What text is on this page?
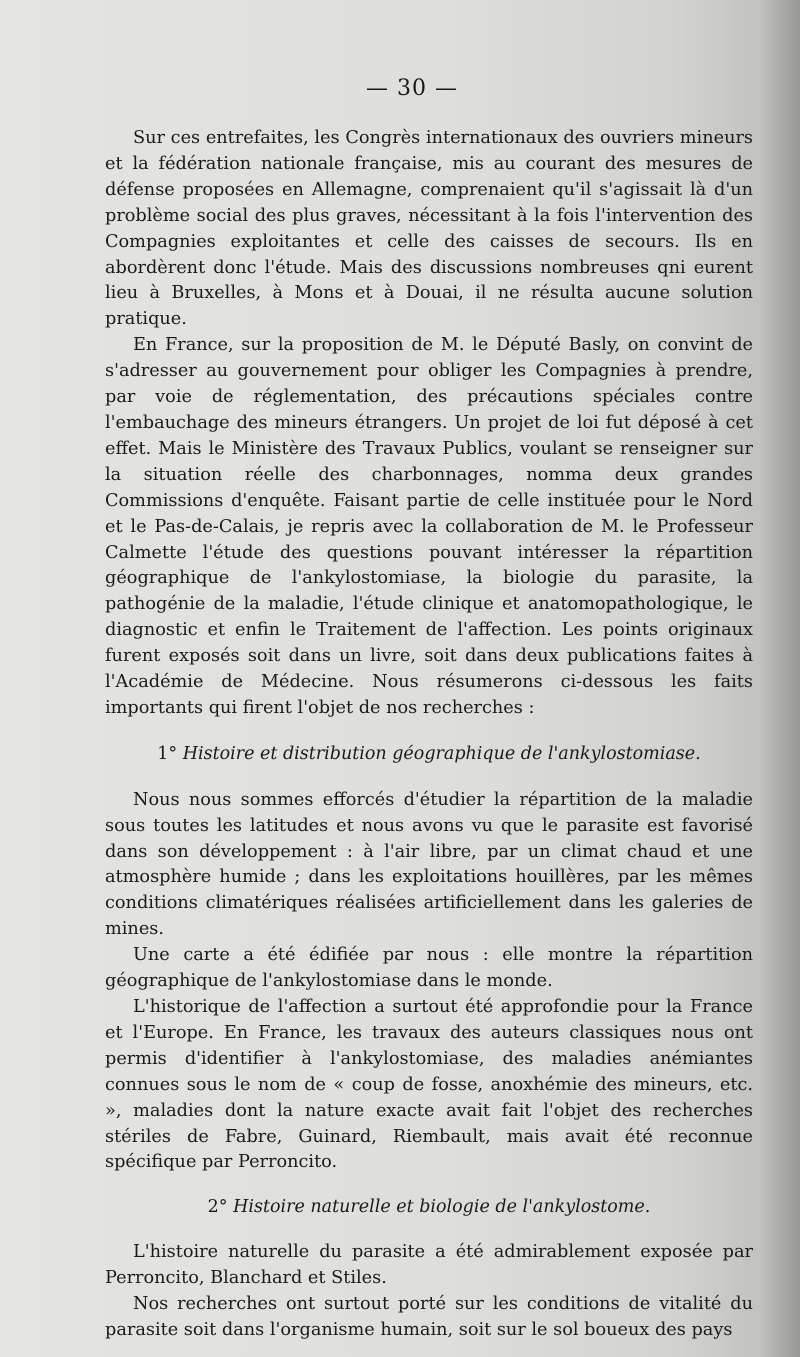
— 30 —

Sur ces entrefaites, les Congrès internationaux des ouvriers mineurs et la fédération nationale française, mis au courant des mesures de défense proposées en Allemagne, comprenaient qu'il s'agissait là d'un problème social des plus graves, nécessitant à la fois l'intervention des Compagnies exploitantes et celle des caisses de secours. Ils en abordèrent donc l'étude. Mais des discussions nombreuses qni eurent lieu à Bruxelles, à Mons et à Douai, il ne résulta aucune solution pratique.

En France, sur la proposition de M. le Député Basly, on convint de s'adresser au gouvernement pour obliger les Compagnies à prendre, par voie de réglementation, des précautions spéciales contre l'embauchage des mineurs étrangers. Un projet de loi fut déposé à cet effet. Mais le Ministère des Travaux Publics, voulant se renseigner sur la situation réelle des charbonnages, nomma deux grandes Commissions d'enquête. Faisant partie de celle instituée pour le Nord et le Pas-de-Calais, je repris avec la collaboration de M. le Professeur Calmette l'étude des questions pouvant intéresser la répartition géographique de l'ankylostomiase, la biologie du parasite, la pathogénie de la maladie, l'étude clinique et anatomopathologique, le diagnostic et enfin le Traitement de l'affection. Les points originaux furent exposés soit dans un livre, soit dans deux publications faites à l'Académie de Médecine. Nous résumerons ci-dessous les faits importants qui firent l'objet de nos recherches :

1° Histoire et distribution géographique de l'ankylostomiase.

Nous nous sommes efforcés d'étudier la répartition de la maladie sous toutes les latitudes et nous avons vu que le parasite est favorisé dans son développement : à l'air libre, par un climat chaud et une atmosphère humide ; dans les exploitations houillères, par les mêmes conditions climatériques réalisées artificiellement dans les galeries de mines.

Une carte a été édifiée par nous : elle montre la répartition géographique de l'ankylostomiase dans le monde.

L'historique de l'affection a surtout été approfondie pour la France et l'Europe. En France, les travaux des auteurs classiques nous ont permis d'identifier à l'ankylostomiase, des maladies anémiantes connues sous le nom de « coup de fosse, anoxhémie des mineurs, etc. », maladies dont la nature exacte avait fait l'objet des recherches stériles de Fabre, Guinard, Riembault, mais avait été reconnue spécifique par Perroncito.

2° Histoire naturelle et biologie de l'ankylostome.

L'histoire naturelle du parasite a été admirablement exposée par Perroncito, Blanchard et Stiles.

Nos recherches ont surtout porté sur les conditions de vitalité du parasite soit dans l'organisme humain, soit sur le sol boueux des pays
